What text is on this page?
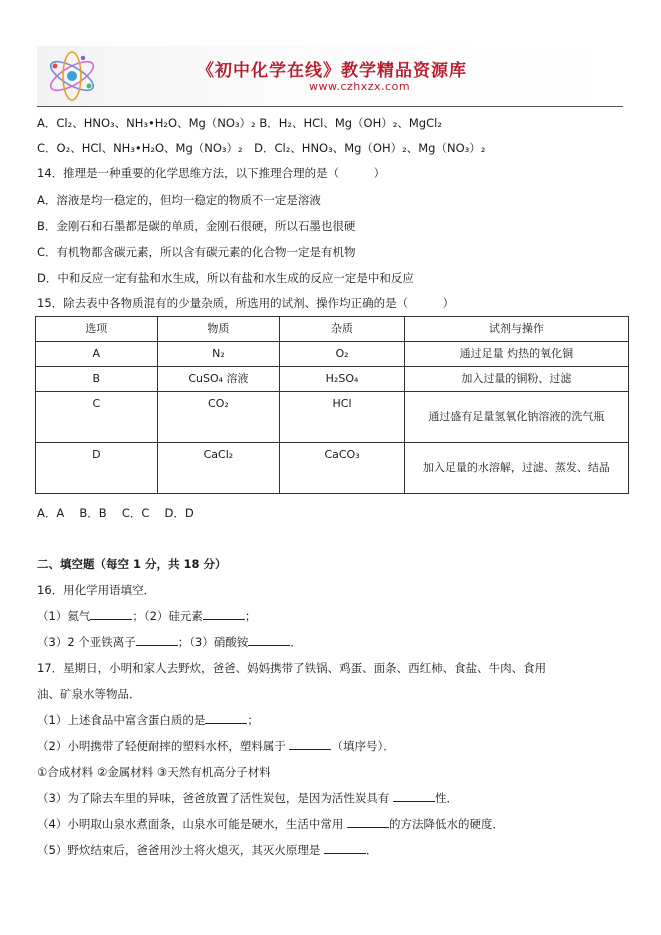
《初中化学在线》教学精品资源库
www.czhxzx.com
A．Cl₂、HNO₃、NH₃•H₂O、Mg（NO₃）₂ B．H₂、HCl、Mg（OH）₂、MgCl₂
C．O₂、HCl、NH₃•H₂O、Mg（NO₃）₂　D．Cl₂、HNO₃、Mg（OH）₂、Mg（NO₃）₂
14．推理是一种重要的化学思维方法，以下推理合理的是（　　　）
A．溶液是均一稳定的，但均一稳定的物质不一定是溶液
B．金刚石和石墨都是碳的单质，金刚石很硬，所以石墨也很硬
C．有机物都含碳元素，所以含有碳元素的化合物一定是有机物
D．中和反应一定有盐和水生成，所以有盐和水生成的反应一定是中和反应
15．除去表中各物质混有的少量杂质，所选用的试剂、操作均正确的是（　　　）
选项	物质	杂质	试剂与操作
A	N₂	O₂	通过足量 灼热的氧化铜
B	CuSO₄ 溶液	H₂SO₄	加入过量的铜粉、过滤
C	CO₂	HCl	通过盛有足量氢氧化钠溶液的洗气瓶
D	CaCl₂	CaCO₃	加入足量的水溶解，过滤、蒸发、结晶
A．A　 B．B　 C．C　 D．D
二、填空题（每空 1 分，共 18 分）
16．用化学用语填空．
（1）氦气	；（2）硅元素	；
（3）2 个亚铁离子	；（3）硝酸铵	．
17．星期日，小明和家人去野炊，爸爸、妈妈携带了铁锅、鸡蛋、面条、西红柿、食盐、牛肉、食用
油、矿泉水等物品．
（1）上述食品中富含蛋白质的是	；
（2）小明携带了轻便耐摔的塑料水杯，塑料属于	（填序号）．
①合成材料 ②金属材料 ③天然有机高分子材料
（3）为了除去车里的异味，爸爸放置了活性炭包，是因为活性炭具有	性．
（4）小明取山泉水煮面条，山泉水可能是硬水，生活中常用	的方法降低水的硬度．
（5）野炊结束后，爸爸用沙土将火熄灭，其灭火原理是	．
